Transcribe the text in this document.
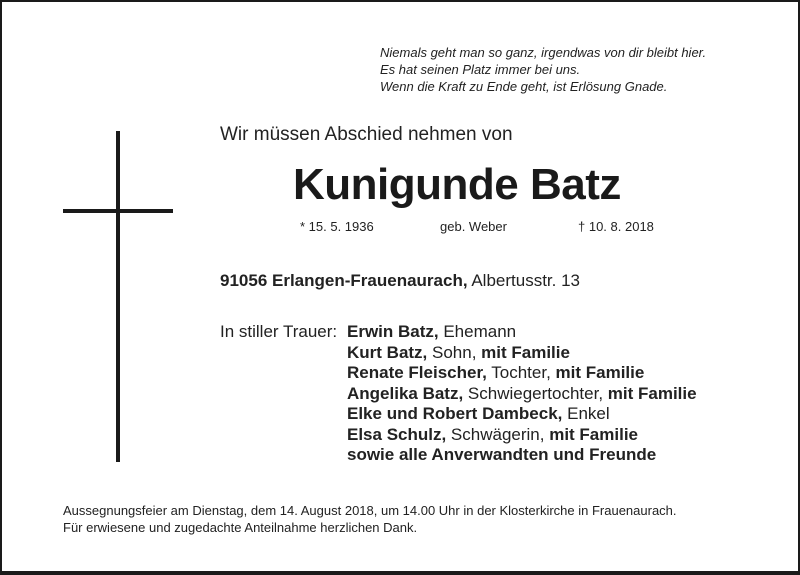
Niemals geht man so ganz, irgendwas von dir bleibt hier.
Es hat seinen Platz immer bei uns.
Wenn die Kraft zu Ende geht, ist Erlösung Gnade.
Wir müssen Abschied nehmen von
Kunigunde Batz
* 15. 5. 1936	geb. Weber	† 10. 8. 2018
91056 Erlangen-Frauenaurach, Albertusstr. 13
In stiller Trauer: Erwin Batz, Ehemann
Kurt Batz, Sohn, mit Familie
Renate Fleischer, Tochter, mit Familie
Angelika Batz, Schwiegertochter, mit Familie
Elke und Robert Dambeck, Enkel
Elsa Schulz, Schwägerin, mit Familie
sowie alle Anverwandten und Freunde
Aussegnungsfeier am Dienstag, dem 14. August 2018, um 14.00 Uhr in der Klosterkirche in Frauenaurach.
Für erwiesene und zugedachte Anteilnahme herzlichen Dank.
